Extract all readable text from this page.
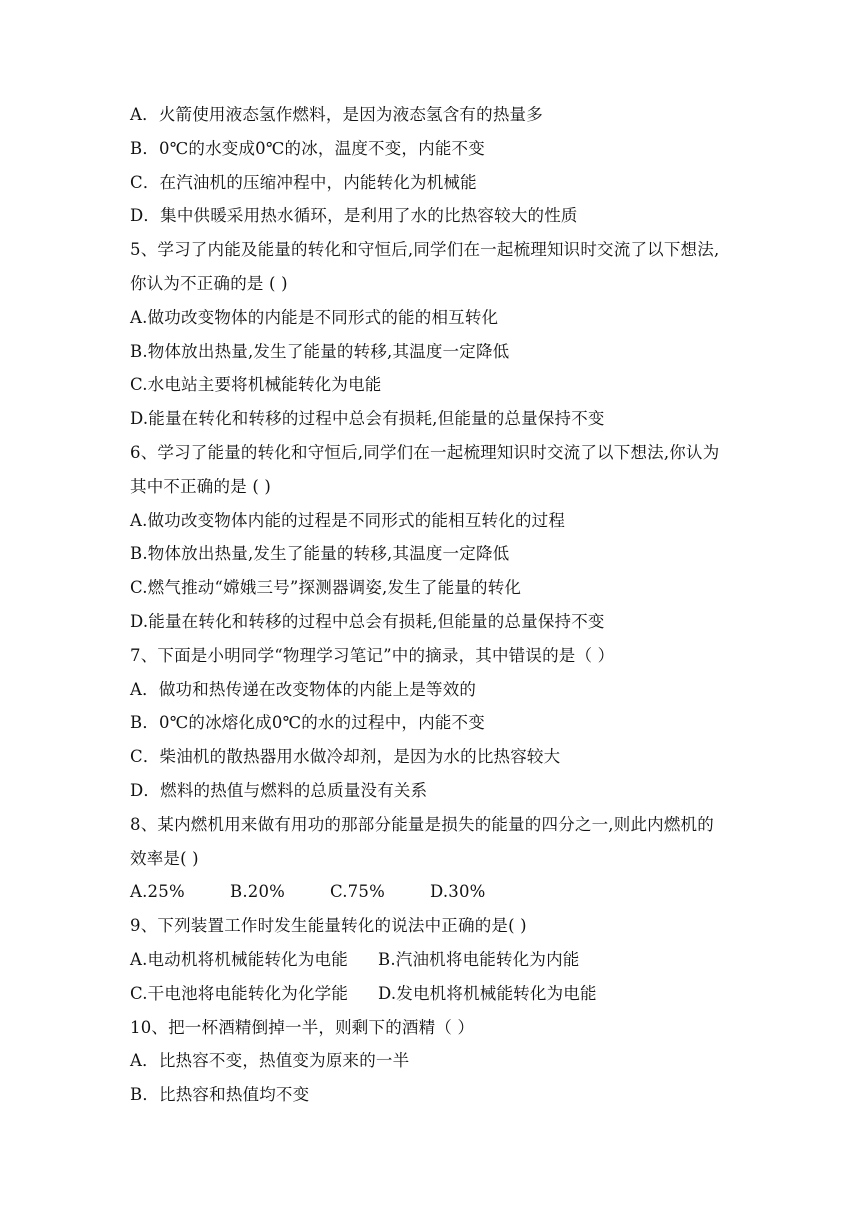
A．火箭使用液态氢作燃料，是因为液态氢含有的热量多
B．0℃的水变成0℃的冰，温度不变，内能不变
C．在汽油机的压缩冲程中，内能转化为机械能
D．集中供暖采用热水循环，是利用了水的比热容较大的性质
5、学习了内能及能量的转化和守恒后,同学们在一起梳理知识时交流了以下想法,
你认为不正确的是 ( )
A.做功改变物体的内能是不同形式的能的相互转化
B.物体放出热量,发生了能量的转移,其温度一定降低
C.水电站主要将机械能转化为电能
D.能量在转化和转移的过程中总会有损耗,但能量的总量保持不变
6、学习了能量的转化和守恒后,同学们在一起梳理知识时交流了以下想法,你认为
其中不正确的是 ( )
A.做功改变物体内能的过程是不同形式的能相互转化的过程
B.物体放出热量,发生了能量的转移,其温度一定降低
C.燃气推动“嫦娥三号”探测器调姿,发生了能量的转化
D.能量在转化和转移的过程中总会有损耗,但能量的总量保持不变
7、下面是小明同学“物理学习笔记”中的摘录，其中错误的是（ ）
A．做功和热传递在改变物体的内能上是等效的
B．0℃的冰熔化成0℃的水的过程中，内能不变
C．柴油机的散热器用水做冷却剂，是因为水的比热容较大
D．燃料的热值与燃料的总质量没有关系
8、某内燃机用来做有用功的那部分能量是损失的能量的四分之一,则此内燃机的
效率是( )
A.25%	B.20%	C.75%	D.30%
9、下列装置工作时发生能量转化的说法中正确的是( )
A.电动机将机械能转化为电能	B.汽油机将电能转化为内能
C.干电池将电能转化为化学能	D.发电机将机械能转化为电能
10、把一杯酒精倒掉一半，则剩下的酒精（ ）
A．比热容不变，热值变为原来的一半
B．比热容和热值均不变
